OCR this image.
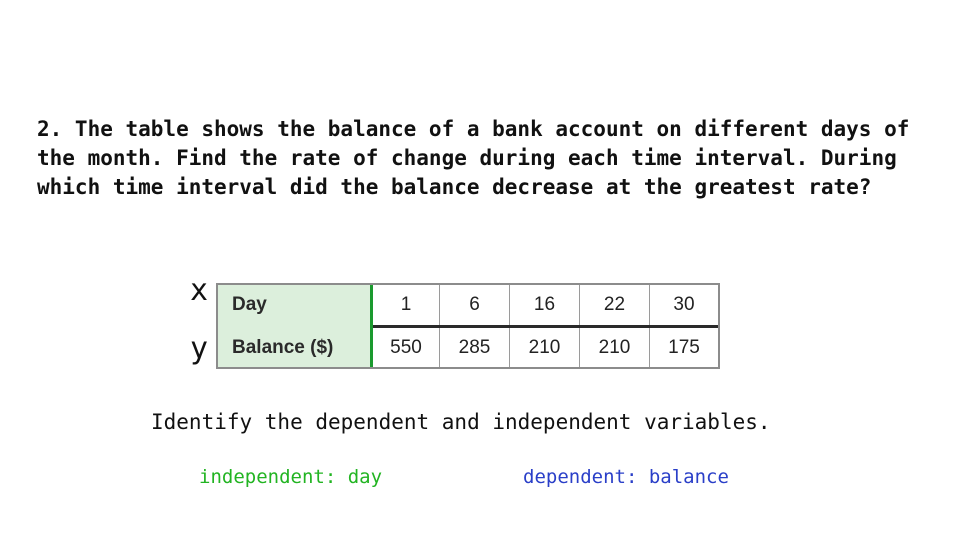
2. The table shows the balance of a bank account on different days of the month. Find the rate of change during each time interval. During which time interval did the balance decrease at the greatest rate?

x
y
Day	1	6	16	22	30
Balance ($)	550	285	210	210	175
Identify the dependent and independent variables.
independent: day	dependent: balance
